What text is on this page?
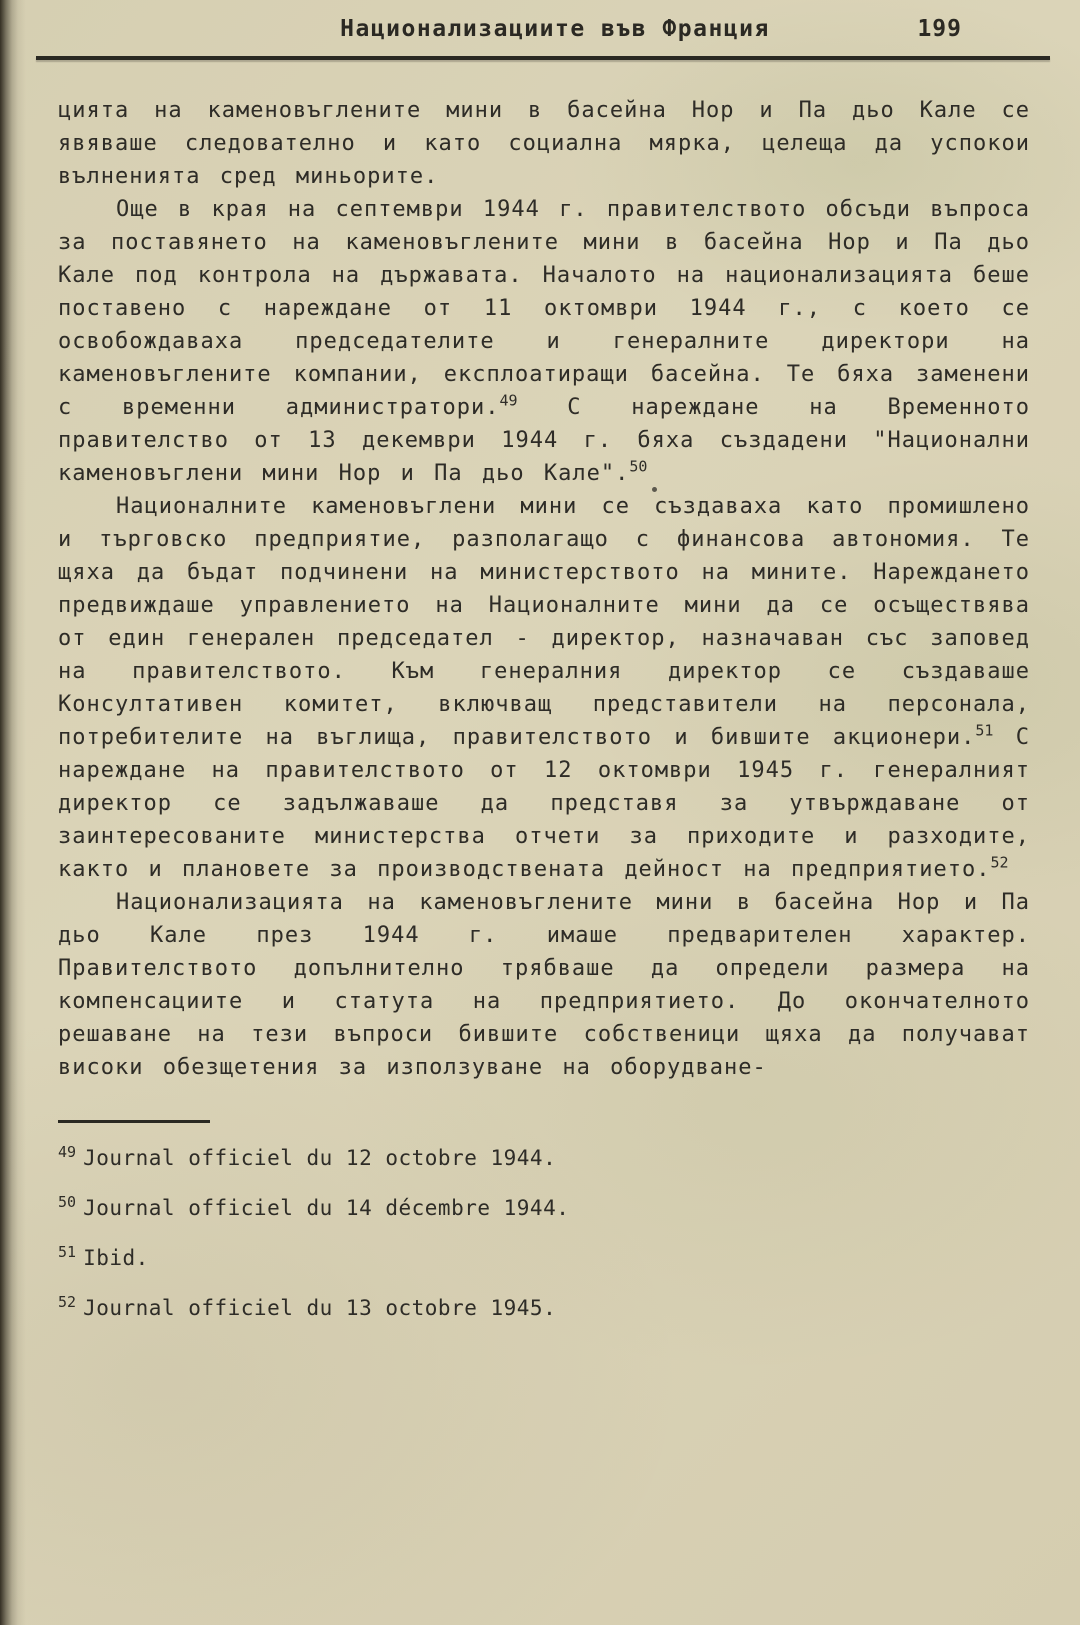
Национализациите във Франция	199

цията на каменовъглените мини в басейна Нор и Па дьо Кале се явяваше следователно и като социална мярка, целеща да успокои вълненията сред миньорите.

Още в края на септември 1944 г. правителството обсъди въпроса за поставянето на каменовъглените мини в басейна Нор и Па дьо Кале под контрола на държавата. Началото на национализацията беше поставено с нареждане от 11 октомври 1944 г., с което се освобождаваха председателите и генералните директори на каменовъглените компании, експлоатиращи басейна. Те бяха заменени с временни администратори.$^{49}$ С нареждане на Временното правителство от 13 декември 1944 г. бяха създадени "Национални каменовъглени мини Нор и Па дьо Кале".$^{50}$

Националните каменовъглени мини се създаваха като промишлено и търговско предприятие, разполагащо с финансова автономия. Те щяха да бъдат подчинени на министерството на мините. Нареждането предвиждаше управлението на Националните мини да се осъществява от един генерален председател - директор, назначаван със заповед на правителството. Към генералния директор се създаваше Консултативен комитет, включващ представители на персонала, потребителите на въглища, правителството и бившите акционери.$^{51}$ С нареждане на правителството от 12 октомври 1945 г. генералният директор се задължаваше да представя за утвърждаване от заинтересованите министерства отчети за приходите и разходите, както и плановете за производствената дейност на предприятието.$^{52}$

Национализацията на каменовъглените мини в басейна Нор и Па дьо Кале през 1944 г. имаше предварителен характер. Правителството допълнително трябваше да определи размера на компенсациите и статута на предприятието. До окончателното решаване на тези въпроси бившите собственици щяха да получават високи обезщетения за използуване на оборудване-

$^{49}$ Journal officiel du 12 octobre 1944.

$^{50}$ Journal officiel du 14 décembre 1944.

$^{51}$ Ibid.

$^{52}$ Journal officiel du 13 octobre 1945.
